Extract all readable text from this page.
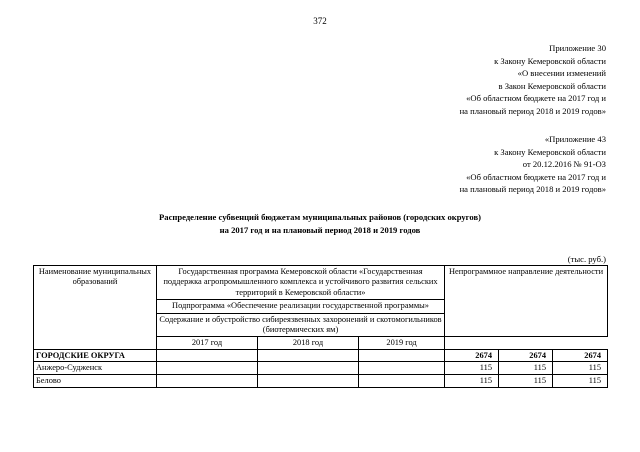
372
Приложение 30
к Закону Кемеровской области
«О внесении изменений
в Закон Кемеровской области
«Об областном бюджете на 2017 год и
на плановый период 2018 и 2019 годов»
«Приложение 43
к Закону Кемеровской области
от 20.12.2016 № 91-ОЗ
«Об областном бюджете на 2017 год и
на плановый период 2018 и 2019 годов»
Распределение субвенций бюджетам муниципальных районов (городских округов)
на 2017 год и на плановый период 2018 и 2019 годов
(тыс. руб.)
Наименование муниципальных образований	Государственная программа Кемеровской области «Государственная поддержка агропромышленного комплекса и устойчивого развития сельских территорий в Кемеровской области»			Непрограммное направление деятельности		
	Подпрограмма «Обеспечение реализации государственной программы»					
	Содержание и обустройство сибиреязвенных захоронений и скотомогильников (биотермических ям)					
	2017 год	2018 год	2019 год		
ГОРОДСКИЕ ОКРУГА				2674	2674	2674
Анжеро-Судженск				115	115	115
Белово				115	115	115
